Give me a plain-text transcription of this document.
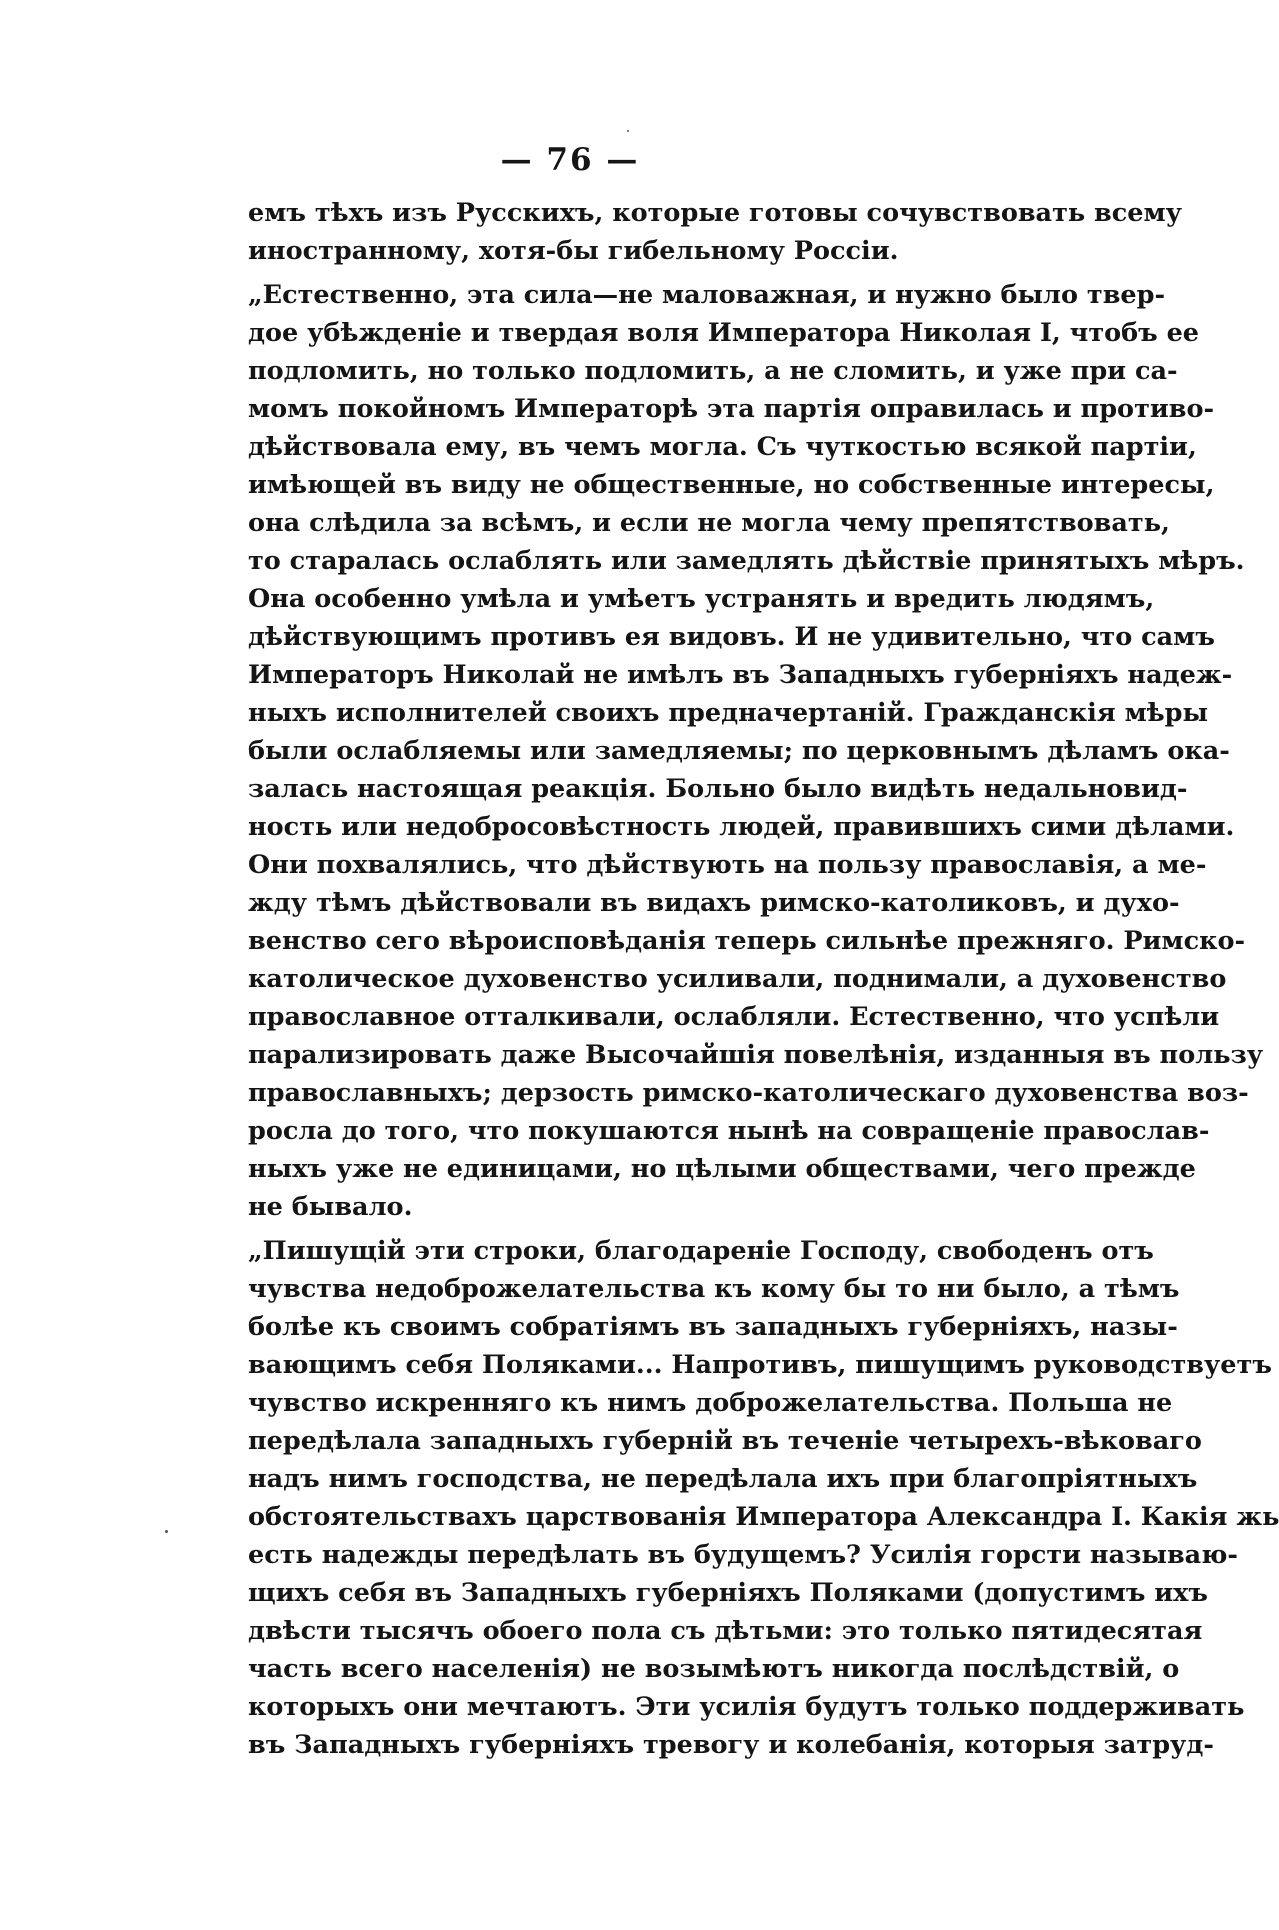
— 76 —
емъ тѣхъ изъ Русскихъ, которые готовы сочувствовать всему
иностранному, хотя-бы гибельному Россіи.
„Естественно, эта сила—не маловажная, и нужно было твер-
дое убѣжденіе и твердая воля Императора Николая I, чтобъ ее
подломить, но только подломить, а не сломить, и уже при са-
момъ покойномъ Императорѣ эта партія оправилась и противо-
дѣйствовала ему, въ чемъ могла. Съ чуткостью всякой партіи,
имѣющей въ виду не общественные, но собственные интересы,
она слѣдила за всѣмъ, и если не могла чему препятствовать,
то старалась ослаблять или замедлять дѣйствіе принятыхъ мѣръ.
Она особенно умѣла и умѣетъ устранять и вредить людямъ,
дѣйствующимъ противъ ея видовъ. И не удивительно, что самъ
Императоръ Николай не имѣлъ въ Западныхъ губерніяхъ надеж-
ныхъ исполнителей своихъ предначертаній. Гражданскія мѣры
были ослабляемы или замедляемы; по церковнымъ дѣламъ ока-
залась настоящая реакція. Больно было видѣть недальновид-
ность или недобросовѣстность людей, правившихъ сими дѣлами.
Они похвалялись, что дѣйствують на пользу православія, а ме-
жду тѣмъ дѣйствовали въ видахъ римско-католиковъ, и духо-
венство сего вѣроисповѣданія теперь сильнѣе прежняго. Римско-
католическое духовенство усиливали, поднимали, а духовенство
православное отталкивали, ослабляли. Естественно, что успѣли
парализировать даже Высочайшія повелѣнія, изданныя въ пользу
православныхъ; дерзость римско-католическаго духовенства воз-
росла до того, что покушаются нынѣ на совращеніе православ-
ныхъ уже не единицами, но цѣлыми обществами, чего прежде
не бывало.
„Пишущій эти строки, благодареніе Господу, свободенъ отъ
чувства недоброжелательства къ кому бы то ни было, а тѣмъ
болѣе къ своимъ собратіямъ въ западныхъ губерніяхъ, назы-
вающимъ себя Поляками... Напротивъ, пишущимъ руководствуетъ
чувство искренняго къ нимъ доброжелательства. Польша не
передѣлала западныхъ губерній въ теченіе четырехъ-вѣковаго
надъ нимъ господства, не передѣлала ихъ при благопріятныхъ
обстоятельствахъ царствованія Императора Александра I. Какія жь
есть надежды передѣлать въ будущемъ? Усилія горсти называю-
щихъ себя въ Западныхъ губерніяхъ Поляками (допустимъ ихъ
двѣсти тысячъ обоего пола съ дѣтьми: это только пятидесятая
часть всего населенія) не возымѣютъ никогда послѣдствій, о
которыхъ они мечтаютъ. Эти усилія будутъ только поддерживать
въ Западныхъ губерніяхъ тревогу и колебанія, которыя затруд-
